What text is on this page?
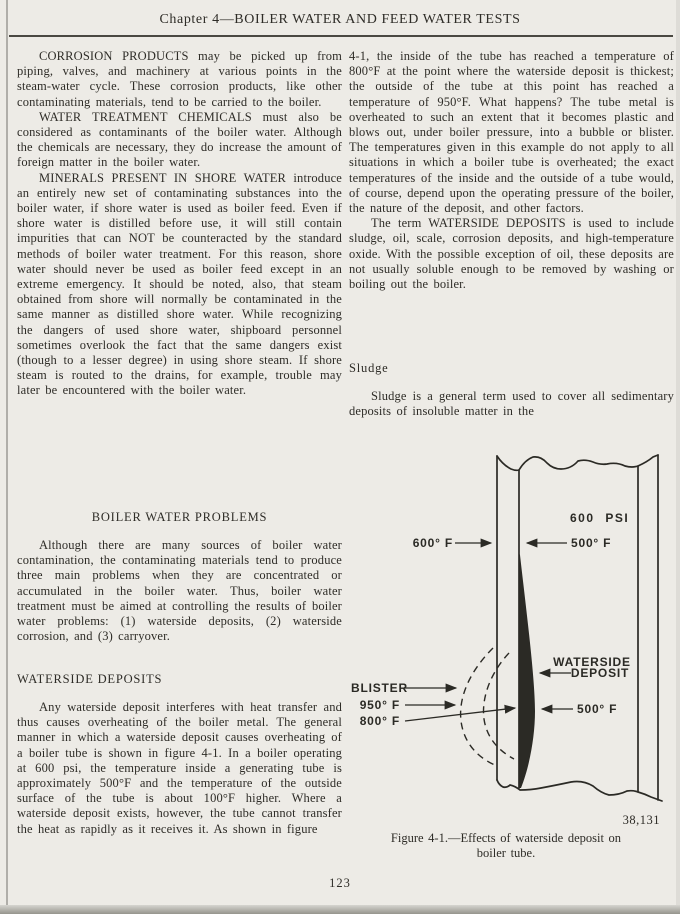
Chapter 4—BOILER WATER AND FEED WATER TESTS

CORROSION PRODUCTS may be picked up from piping, valves, and machinery at various points in the steam-water cycle. These corrosion products, like other contaminating materials, tend to be carried to the boiler.

WATER TREATMENT CHEMICALS must also be considered as contaminants of the boiler water. Although the chemicals are necessary, they do increase the amount of foreign matter in the boiler water.

MINERALS PRESENT IN SHORE WATER introduce an entirely new set of contaminating substances into the boiler water, if shore water is used as boiler feed. Even if shore water is distilled before use, it will still contain impurities that can NOT be counteracted by the standard methods of boiler water treatment. For this reason, shore water should never be used as boiler feed except in an extreme emergency. It should be noted, also, that steam obtained from shore will normally be contaminated in the same manner as distilled shore water. While recognizing the dangers of used shore water, shipboard personnel sometimes overlook the fact that the same dangers exist (though to a lesser degree) in using shore steam. If shore steam is routed to the drains, for example, trouble may later be encountered with the boiler water.

BOILER WATER PROBLEMS

Although there are many sources of boiler water contamination, the contaminating materials tend to produce three main problems when they are concentrated or accumulated in the boiler water. Thus, boiler water treatment must be aimed at controlling the results of boiler water problems: (1) waterside deposits, (2) waterside corrosion, and (3) carryover.

WATERSIDE DEPOSITS

Any waterside deposit interferes with heat transfer and thus causes overheating of the boiler metal. The general manner in which a waterside deposit causes overheating of a boiler tube is shown in figure 4-1. In a boiler operating at 600 psi, the temperature inside a generating tube is approximately 500°F and the temperature of the outside surface of the tube is about 100°F higher. Where a waterside deposit exists, however, the tube cannot transfer the heat as rapidly as it receives it. As shown in figure

4-1, the inside of the tube has reached a temperature of 800°F at the point where the waterside deposit is thickest; the outside of the tube at this point has reached a temperature of 950°F. What happens? The tube metal is overheated to such an extent that it becomes plastic and blows out, under boiler pressure, into a bubble or blister. The temperatures given in this example do not apply to all situations in which a boiler tube is overheated; the exact temperatures of the inside and the outside of a tube would, of course, depend upon the operating pressure of the boiler, the nature of the deposit, and other factors.

The term WATERSIDE DEPOSITS is used to include sludge, oil, scale, corrosion deposits, and high-temperature oxide. With the possible exception of oil, these deposits are not usually soluble enough to be removed by washing or boiling out the boiler.

Sludge

Sludge is a general term used to cover all sedimentary deposits of insoluble matter in the

600 PSI
600° F	500° F
WATERSIDE
DEPOSIT
BLISTER
950° F
800° F
500° F
38,131
Figure 4-1.—Effects of waterside deposit on boiler tube.
123
